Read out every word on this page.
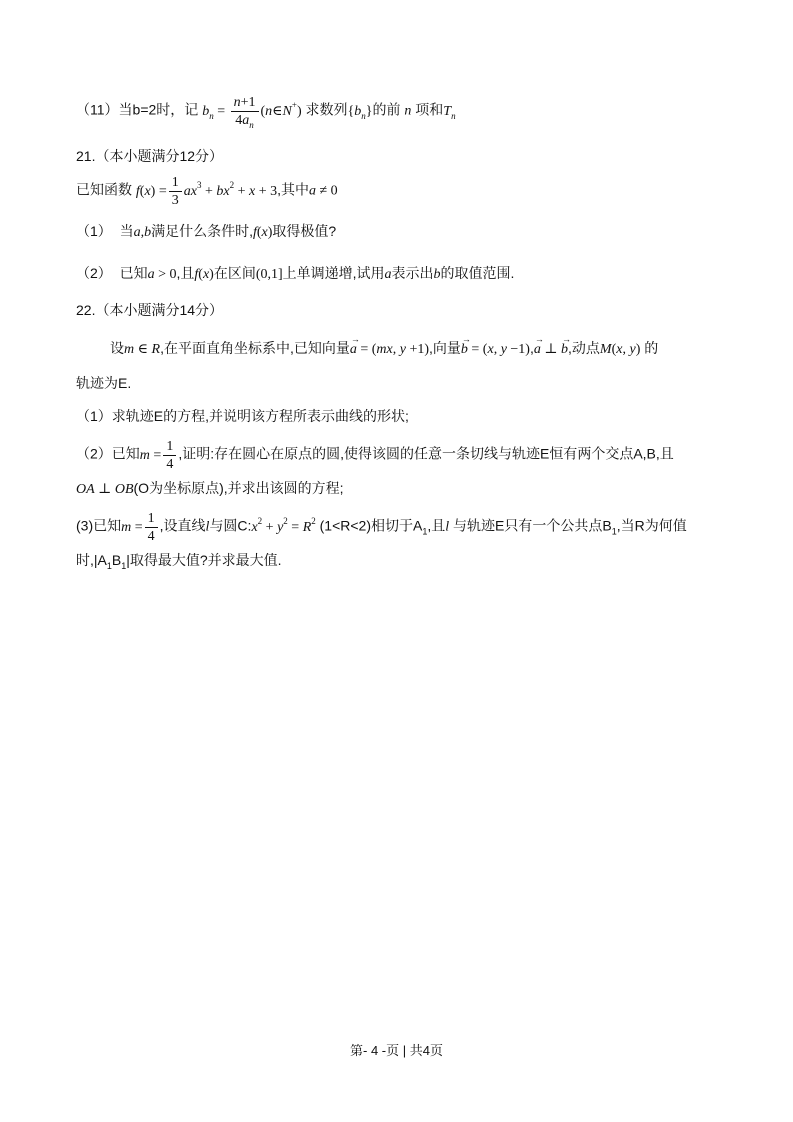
（11）当b=2时，记 $b_n = \frac{n+1}{4a_n}$ (n∈N+) 求数列$\{b_n\}$的前 n 项和$T_n$
21.（本小题满分12分）
已知函数 $f(x) = \frac{1}{3} ax^3 + bx^2 + x + 3$,其中a ≠ 0
（1） 当a,b满足什么条件时,f(x)取得极值?
（2） 已知a > 0,且f(x)在区间(0,1]上单调递增,试用a表示出b的取值范围.
22.（本小题满分14分）
设m ∈ R,在平面直角坐标系中,已知向量→ a = (mx, y +1),向量→ b = (x, y −1),→ a ⊥ → b,动点M(x, y) 的
轨迹为E.
（1）求轨迹E的方程,并说明该方程所表示曲线的形状;
（2）已知$m = \frac{1}{4}$ ,证明:存在圆心在原点的圆,使得该圆的任意一条切线与轨迹E恒有两个交点A,B,且
OA ⊥ OB(O为坐标原点),并求出该圆的方程;
(3)已知$m = \frac{1}{4}$ ,设直线l与圆$C:x^2 + y^2 = R^2$ (1<R<2)相切于$A_1$,且l 与轨迹E只有一个公共点$B_1$,当R为何值
时$,|A_1B_1|$取得最大值?并求最大值.
第- 4 -页 | 共4页
